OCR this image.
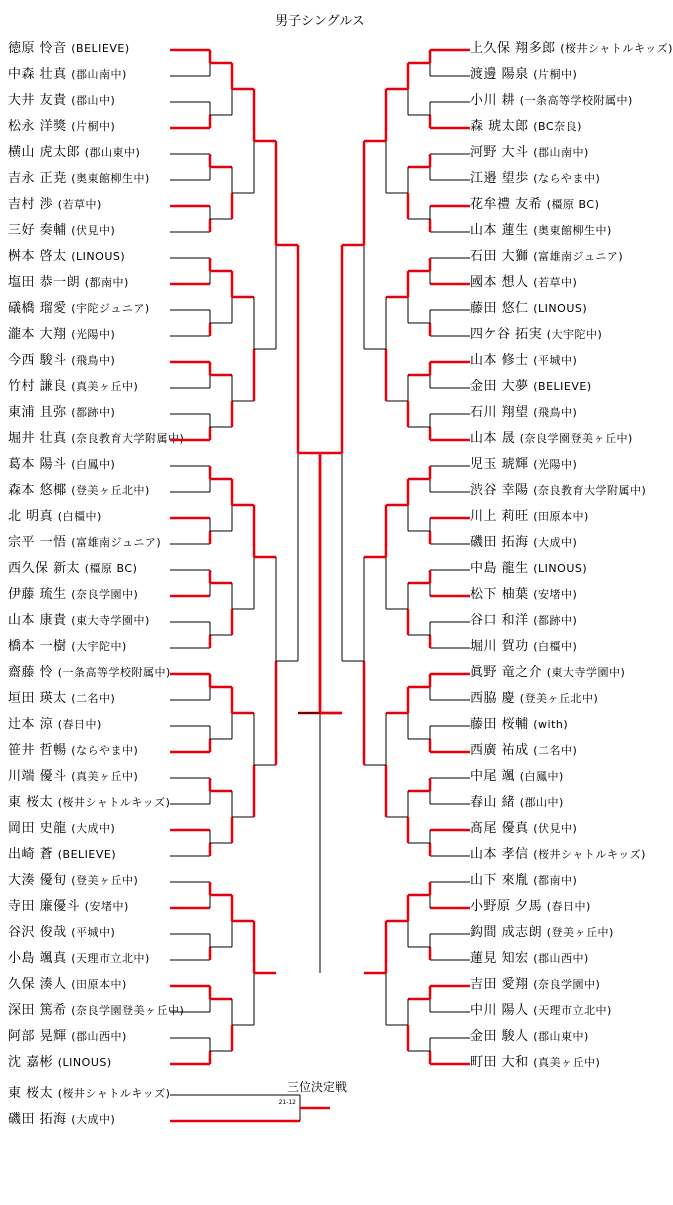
男子シングルス
三位決定戦
徳原 怜音 (BELIEVE)
中森 壮真 (郡山南中)
大井 友貴 (郡山中)
松永 洋獎 (片桐中)
横山 虎太郎 (郡山東中)
吉永 正尭 (奥東館柳生中)
吉村 渉 (若草中)
三好 奏輔 (伏見中)
桝本 啓太 (LINOUS)
塩田 恭一朗 (都南中)
礒橋 瑠愛 (宇陀ジュニア)
瀧本 大翔 (光陽中)
今西 駿斗 (飛鳥中)
竹村 謙良 (真美ヶ丘中)
東浦 且弥 (都跡中)
堀井 壮真 (奈良教育大学附属中)
葛本 陽斗 (白鳳中)
森本 悠椰 (登美ヶ丘北中)
北 明真 (白橿中)
宗平 一悟 (富雄南ジュニア)
西久保 新太 (橿原 BC)
伊藤 琉生 (奈良学園中)
山本 康貴 (東大寺学園中)
橋本 一樹 (大宇陀中)
齋藤 怜 (一条高等学校附属中)
垣田 瑛太 (二名中)
辻本 涼 (春日中)
笹井 哲暢 (ならやま中)
川端 優斗 (真美ヶ丘中)
東 桜太 (桜井シャトルキッズ)
岡田 史龍 (大成中)
出崎 蒼 (BELIEVE)
大湊 優旬 (登美ヶ丘中)
寺田 廉優斗 (安堵中)
谷沢 俊哉 (平城中)
小島 颯真 (天理市立北中)
久保 湊人 (田原本中)
深田 篤希 (奈良学園登美ヶ丘中)
阿部 晃輝 (郡山西中)
沈 嘉彬 (LINOUS)
上久保 翔多郎 (桜井シャトルキッズ)
渡邊 陽泉 (片桐中)
小川 耕 (一条高等学校附属中)
森 琥太郎 (BC奈良)
河野 大斗 (郡山南中)
江邉 望歩 (ならやま中)
花牟禮 友希 (橿原 BC)
山本 蓮生 (奥東館柳生中)
石田 大獅 (富雄南ジュニア)
國本 想人 (若草中)
藤田 悠仁 (LINOUS)
四ケ谷 拓実 (大宇陀中)
山本 修士 (平城中)
金田 大夢 (BELIEVE)
石川 翔望 (飛鳥中)
山本 晟 (奈良学園登美ヶ丘中)
児玉 琥輝 (光陽中)
渋谷 幸陽 (奈良教育大学附属中)
川上 莉旺 (田原本中)
磯田 拓海 (大成中)
中島 龍生 (LINOUS)
松下 柚葉 (安堵中)
谷口 和洋 (都跡中)
堀川 賀功 (白橿中)
眞野 竜之介 (東大寺学園中)
西脇 慶 (登美ヶ丘北中)
藤田 桜輔 (with)
西廣 祐成 (二名中)
中尾 颯 (白鳳中)
春山 緒 (郡山中)
髙尾 優真 (伏見中)
山本 孝信 (桜井シャトルキッズ)
山下 來胤 (都南中)
小野原 夕馬 (春日中)
鈎間 成志朗 (登美ヶ丘中)
蓮見 知宏 (郡山西中)
吉田 愛翔 (奈良学園中)
中川 陽人 (天理市立北中)
金田 駿人 (郡山東中)
町田 大和 (真美ヶ丘中)
東 桜太 (桜井シャトルキッズ)
磯田 拓海 (大成中)
21-12
